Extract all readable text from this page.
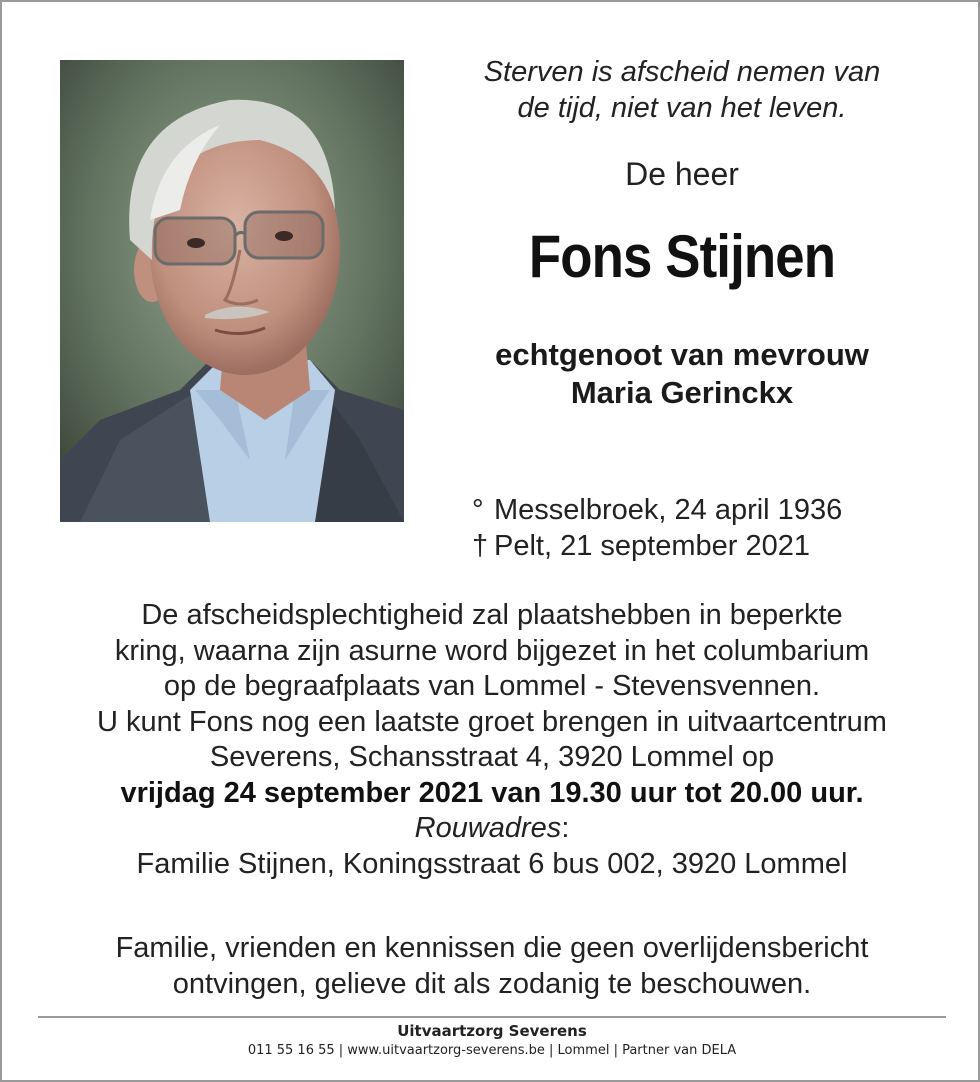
Sterven is afscheid nemen van
de tijd, niet van het leven.
De heer
Fons Stijnen
echtgenoot van mevrouw
Maria Gerinckx
° Messelbroek, 24 april 1936
† Pelt, 21 september 2021
De afscheidsplechtigheid zal plaatshebben in beperkte
kring, waarna zijn asurne word bijgezet in het columbarium
op de begraafplaats van Lommel - Stevensvennen.
U kunt Fons nog een laatste groet brengen in uitvaartcentrum
Severens, Schansstraat 4, 3920 Lommel op
vrijdag 24 september 2021 van 19.30 uur tot 20.00 uur.
Rouwadres:
Familie Stijnen, Koningsstraat 6 bus 002, 3920 Lommel
Familie, vrienden en kennissen die geen overlijdensbericht
ontvingen, gelieve dit als zodanig te beschouwen.
Uitvaartzorg Severens
011 55 16 55 | www.uitvaartzorg-severens.be | Lommel | Partner van DELA
